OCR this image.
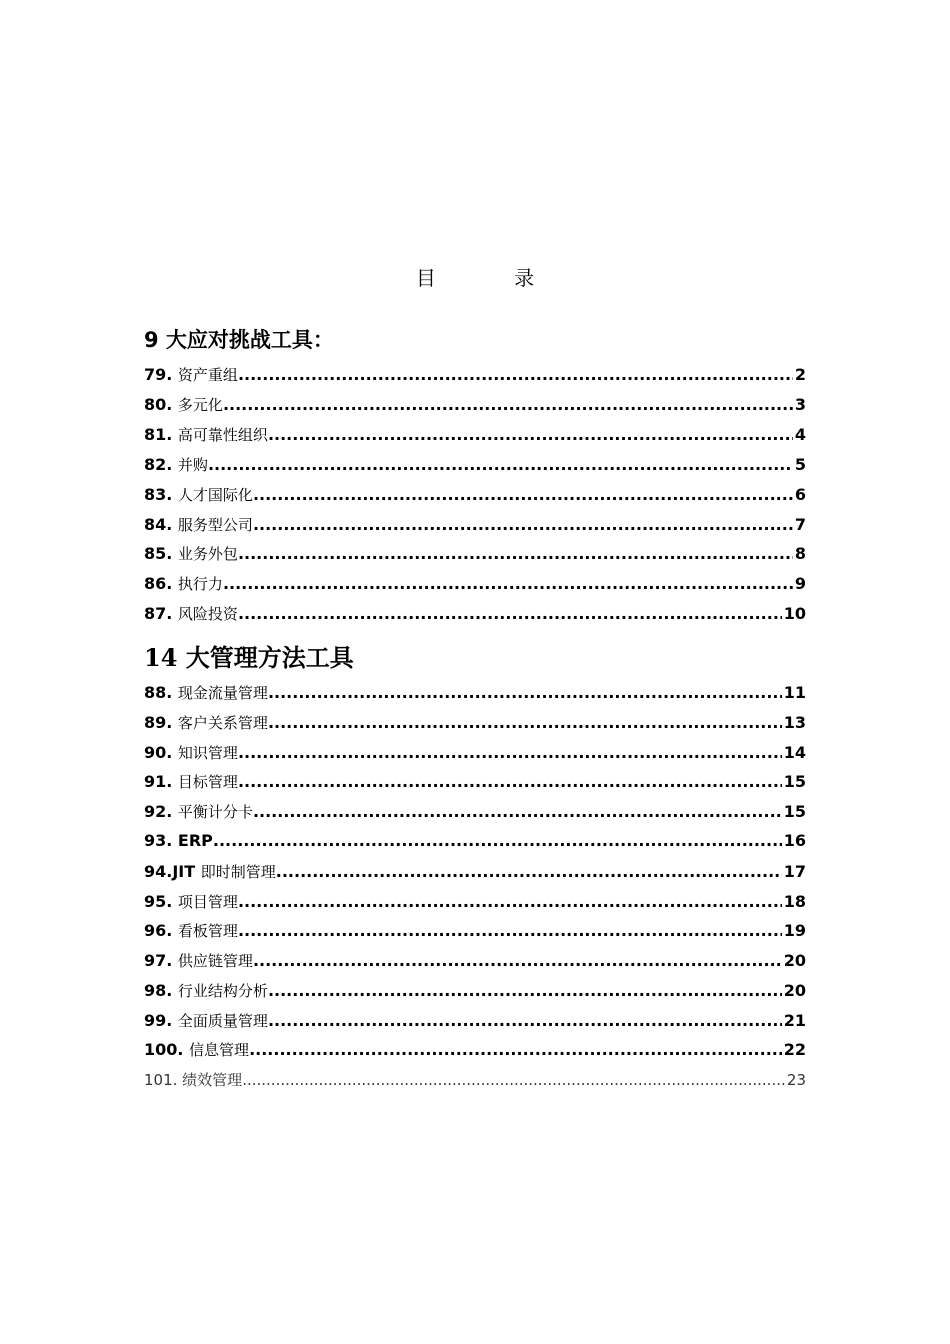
目 录
9 大应对挑战工具：
79. 资产重组 .....	2
80. 多元化 .....	3
81. 高可靠性组织 .....	4
82. 并购 .....	5
83. 人才国际化 .....	6
84. 服务型公司 .....	7
85. 业务外包 .....	8
86. 执行力 .....	9
87. 风险投资 .....	10
14 大管理方法工具
88. 现金流量管理 .....	11
89. 客户关系管理 .....	13
90. 知识管理 .....	14
91. 目标管理 .....	15
92. 平衡计分卡 .....	15
93. ERP .....	16
94.JIT 即时制管理 .....	17
95. 项目管理 .....	18
96. 看板管理 .....	19
97. 供应链管理 .....	20
98. 行业结构分析 .....	20
99. 全面质量管理 .....	21
100. 信息管理 .....	22
101. 绩效管理 .....	23
